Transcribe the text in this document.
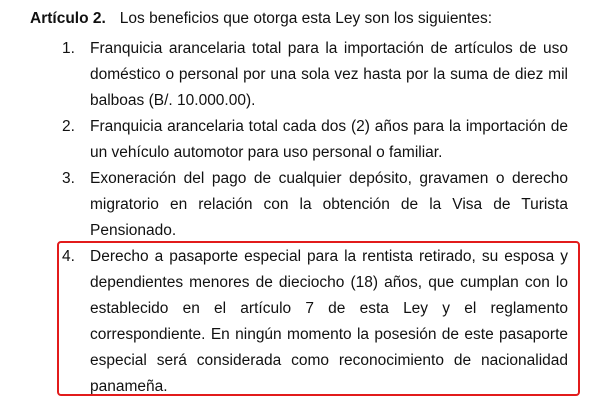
Artículo 2. Los beneficios que otorga esta Ley son los siguientes:
1. Franquicia arancelaria total para la importación de artículos de uso doméstico o personal por una sola vez hasta por la suma de diez mil balboas (B/. 10.000.00).
2. Franquicia arancelaria total cada dos (2) años para la importación de un vehículo automotor para uso personal o familiar.
3. Exoneración del pago de cualquier depósito, gravamen o derecho migratorio en relación con la obtención de la Visa de Turista Pensionado.
4. Derecho a pasaporte especial para la rentista retirado, su esposa y dependientes menores de dieciocho (18) años, que cumplan con lo establecido en el artículo 7 de esta Ley y el reglamento correspondiente. En ningún momento la posesión de este pasaporte especial será considerada como reconocimiento de nacionalidad panameña.
